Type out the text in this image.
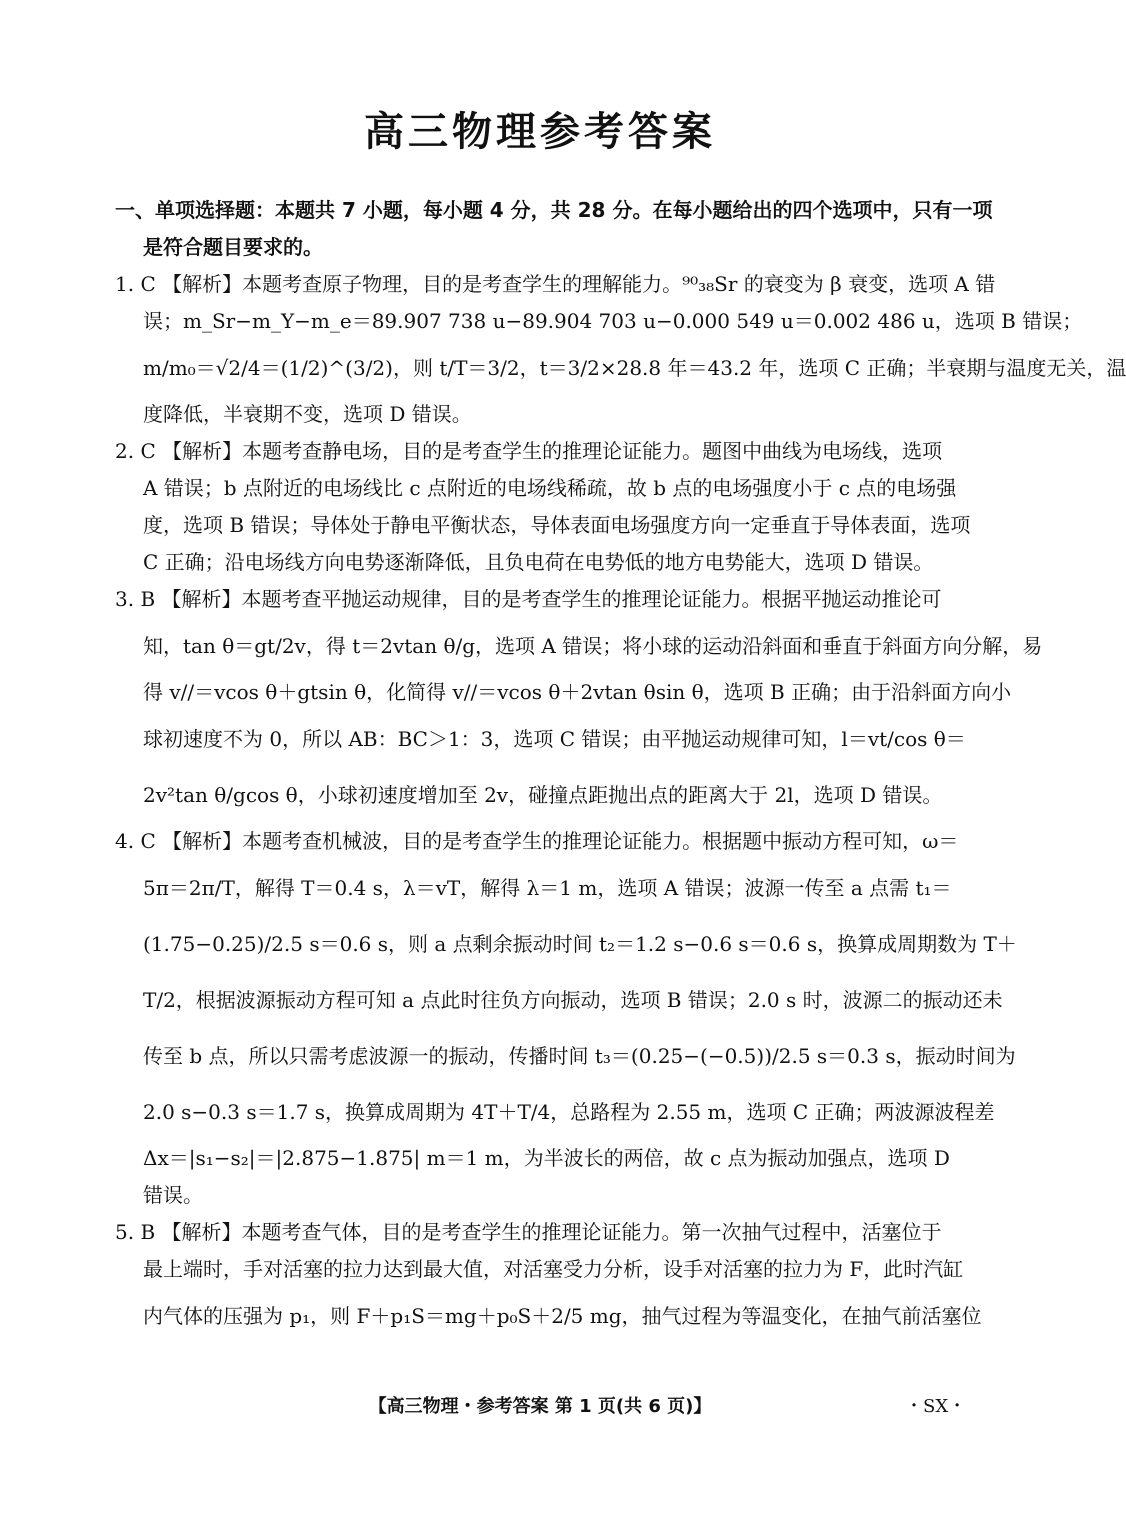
高三物理参考答案
一、单项选择题：本题共 7 小题，每小题 4 分，共 28 分。在每小题给出的四个选项中，只有一项
是符合题目要求的。
1. C 【解析】本题考查原子物理，目的是考查学生的理解能力。⁹⁰₃₈Sr 的衰变为 β 衰变，选项 A 错
误；m_Sr−m_Y−m_e＝89.907 738 u−89.904 703 u−0.000 549 u＝0.002 486 u，选项 B 错误；
m/m₀＝√2/4＝(1/2)^(3/2)，则 t/T＝3/2，t＝3/2×28.8 年＝43.2 年，选项 C 正确；半衰期与温度无关，温
度降低，半衰期不变，选项 D 错误。
2. C 【解析】本题考查静电场，目的是考查学生的推理论证能力。题图中曲线为电场线，选项
A 错误；b 点附近的电场线比 c 点附近的电场线稀疏，故 b 点的电场强度小于 c 点的电场强
度，选项 B 错误；导体处于静电平衡状态，导体表面电场强度方向一定垂直于导体表面，选项
C 正确；沿电场线方向电势逐渐降低，且负电荷在电势低的地方电势能大，选项 D 错误。
3. B 【解析】本题考查平抛运动规律，目的是考查学生的推理论证能力。根据平抛运动推论可
知，tan θ＝gt/2v，得 t＝2vtan θ/g，选项 A 错误；将小球的运动沿斜面和垂直于斜面方向分解，易
得 v//＝vcos θ＋gtsin θ，化简得 v//＝vcos θ＋2vtan θsin θ，选项 B 正确；由于沿斜面方向小
球初速度不为 0，所以 AB：BC＞1：3，选项 C 错误；由平抛运动规律可知，l＝vt/cos θ＝
2v²tan θ/gcos θ，小球初速度增加至 2v，碰撞点距抛出点的距离大于 2l，选项 D 错误。
4. C 【解析】本题考查机械波，目的是考查学生的推理论证能力。根据题中振动方程可知，ω＝
5π＝2π/T，解得 T＝0.4 s，λ＝vT，解得 λ＝1 m，选项 A 错误；波源一传至 a 点需 t₁＝
(1.75−0.25)/2.5 s＝0.6 s，则 a 点剩余振动时间 t₂＝1.2 s−0.6 s＝0.6 s，换算成周期数为 T＋
T/2，根据波源振动方程可知 a 点此时往负方向振动，选项 B 错误；2.0 s 时，波源二的振动还未
传至 b 点，所以只需考虑波源一的振动，传播时间 t₃＝(0.25−(−0.5))/2.5 s＝0.3 s，振动时间为
2.0 s−0.3 s＝1.7 s，换算成周期为 4T＋T/4，总路程为 2.55 m，选项 C 正确；两波源波程差
Δx＝|s₁−s₂|＝|2.875−1.875| m＝1 m，为半波长的两倍，故 c 点为振动加强点，选项 D
错误。
5. B 【解析】本题考查气体，目的是考查学生的推理论证能力。第一次抽气过程中，活塞位于
最上端时，手对活塞的拉力达到最大值，对活塞受力分析，设手对活塞的拉力为 F，此时汽缸
内气体的压强为 p₁，则 F＋p₁S＝mg＋p₀S＋2/5 mg，抽气过程为等温变化，在抽气前活塞位
【高三物理・参考答案 第 1 页(共 6 页)】	・SX・
